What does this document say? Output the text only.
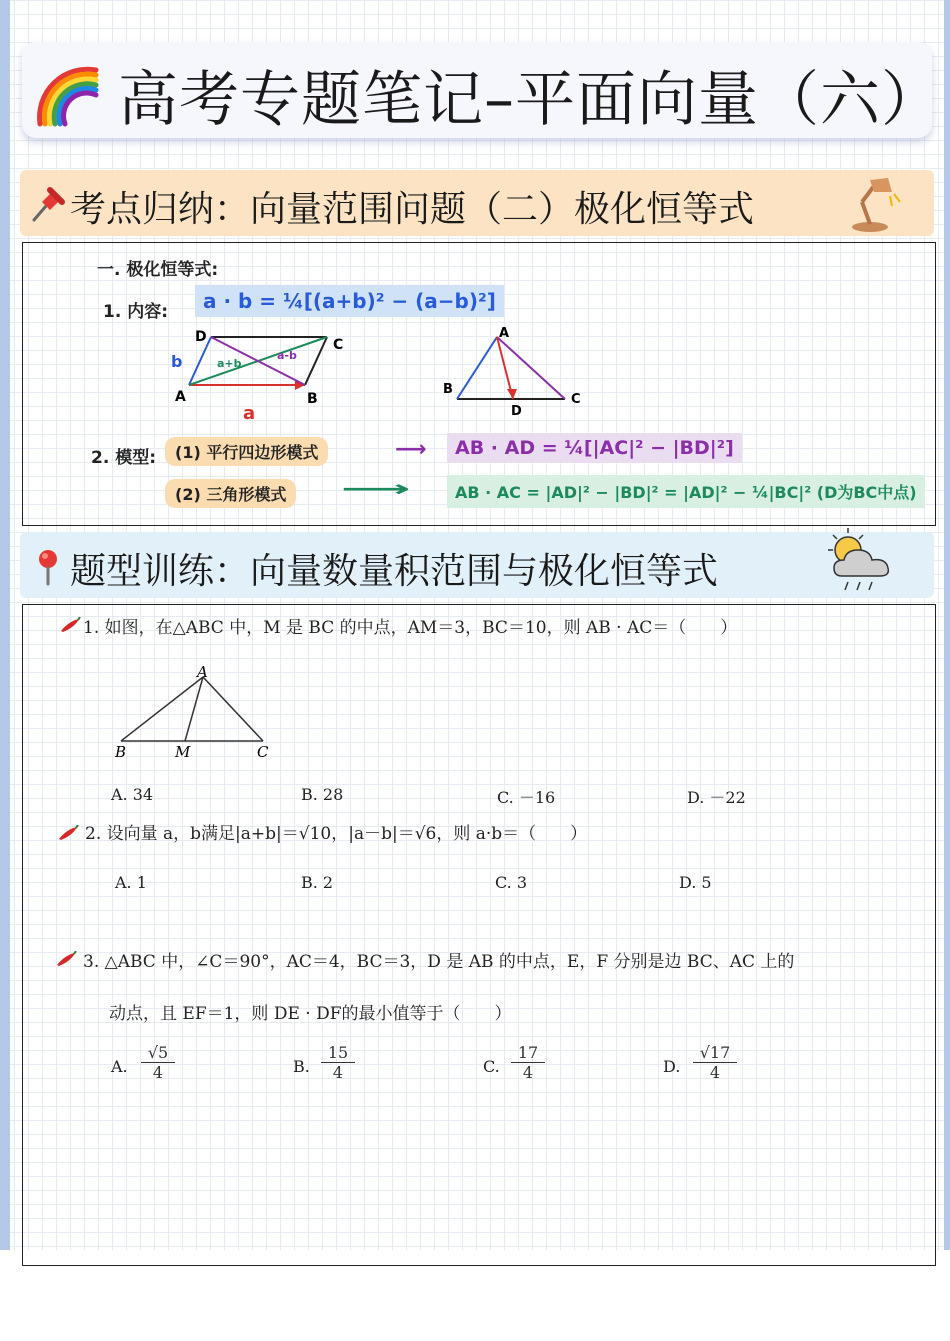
高考专题笔记–平面向量（六）
考点归纳：向量范围问题（二）极化恒等式
一. 极化恒等式:
1. 内容:	a · b = ¼[(a+b)² − (a−b)²]
D	C
A	B
b
a
a+b
a-b
A
B
C
D
2. 模型:	(1) 平行四边形模式	⟶	AB · AD = ¼[|AC|² − |BD|²]
(2) 三角形模式	⟶	AB · AC = |AD|² − |BD|² = |AD|² − ¼|BC|² (D为BC中点)
题型训练：向量数量积范围与极化恒等式
1. 如图，在△ABC 中，M 是 BC 的中点，AM＝3，BC＝10，则 AB · AC＝（　　）
A
B	M	C
A. 34	B. 28	C. －16	D. －22
2. 设向量 a，b满足|a+b|＝√10，|a－b|＝√6，则 a·b＝（　　）
A. 1	B. 2	C. 3	D. 5
3. △ABC 中，∠C＝90°，AC＝4，BC＝3，D 是 AB 的中点，E，F 分别是边 BC、AC 上的
动点，且 EF＝1，则 DE · DF的最小值等于（　　）
A. $\frac{√5}{4}$	B. $\frac{15}{4}$	C. $\frac{17}{4}$	D. $\frac{√17}{4}$
